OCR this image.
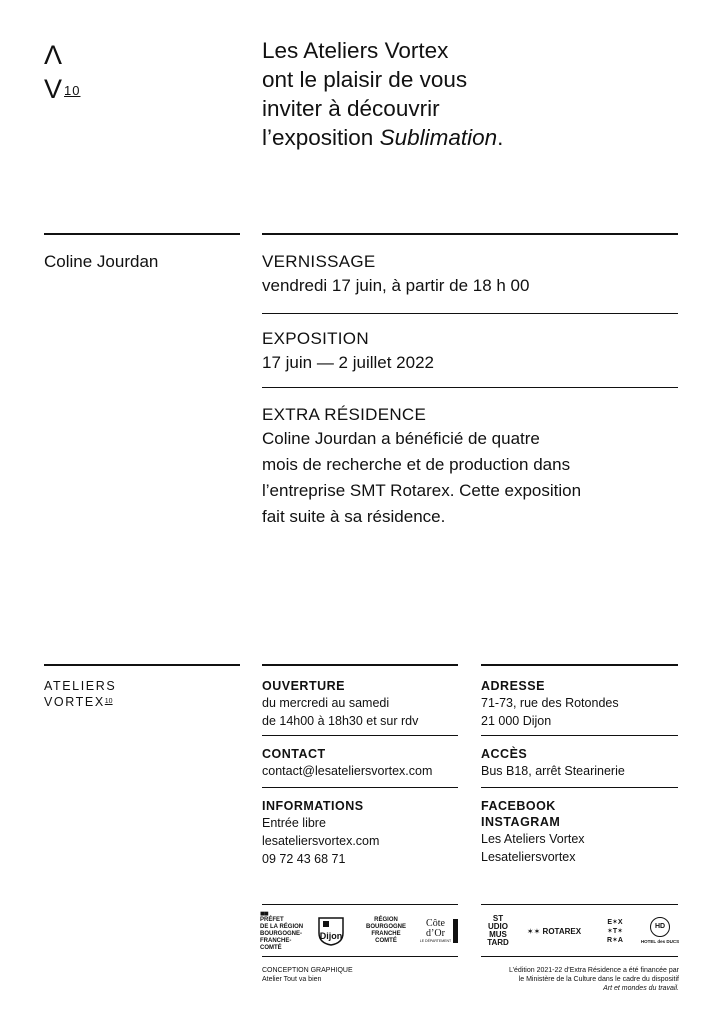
Λ
$V^{10}$
Les Ateliers Vortex
ont le plaisir de vous
inviter à découvrir
l’exposition Sublimation.
Coline Jourdan	VERNISSAGE
vendredi 17 juin, à partir de 18 h 00
EXPOSITION
17 juin — 2 juillet 2022
EXTRA RÉSIDENCE
Coline Jourdan a bénéficié de quatre
mois de recherche et de production dans
l’entreprise SMT Rotarex. Cette exposition
fait suite à sa résidence.
ATELIERS
VORTEX$^{10}$
OUVERTURE
du mercredi au samedi
de 14h00 à 18h30 et sur rdv
ADRESSE
71-73, rue des Rotondes
21 000 Dijon
CONTACT
contact@lesateliersvortex.com
ACCÈS
Bus B18, arrêt Stearinerie
INFORMATIONS
Entrée libre
lesateliersvortex.com
09 72 43 68 71
FACEBOOK
INSTAGRAM
Les Ateliers Vortex
Lesateliersvortex
■■
PRÉFET
DE LA RÉGION
BOURGOGNE-
FRANCHE-COMTÉ
Dijon
RÉGION
BOURGOGNE
FRANCHE
COMTÉ
Côte
d’Or
LE DÉPARTEMENT
ST
UDIO
MUS
TARD
✶✶
ROTAREX
E✶X
✶T✶
R✶A
HD
HOTEL des DUCS
CONCEPTION GRAPHIQUE
Atelier Tout va bien
L’édition 2021-22 d’Extra Résidence a été financée par
le Ministère de la Culture dans le cadre du dispositif
Art et mondes du travail.
